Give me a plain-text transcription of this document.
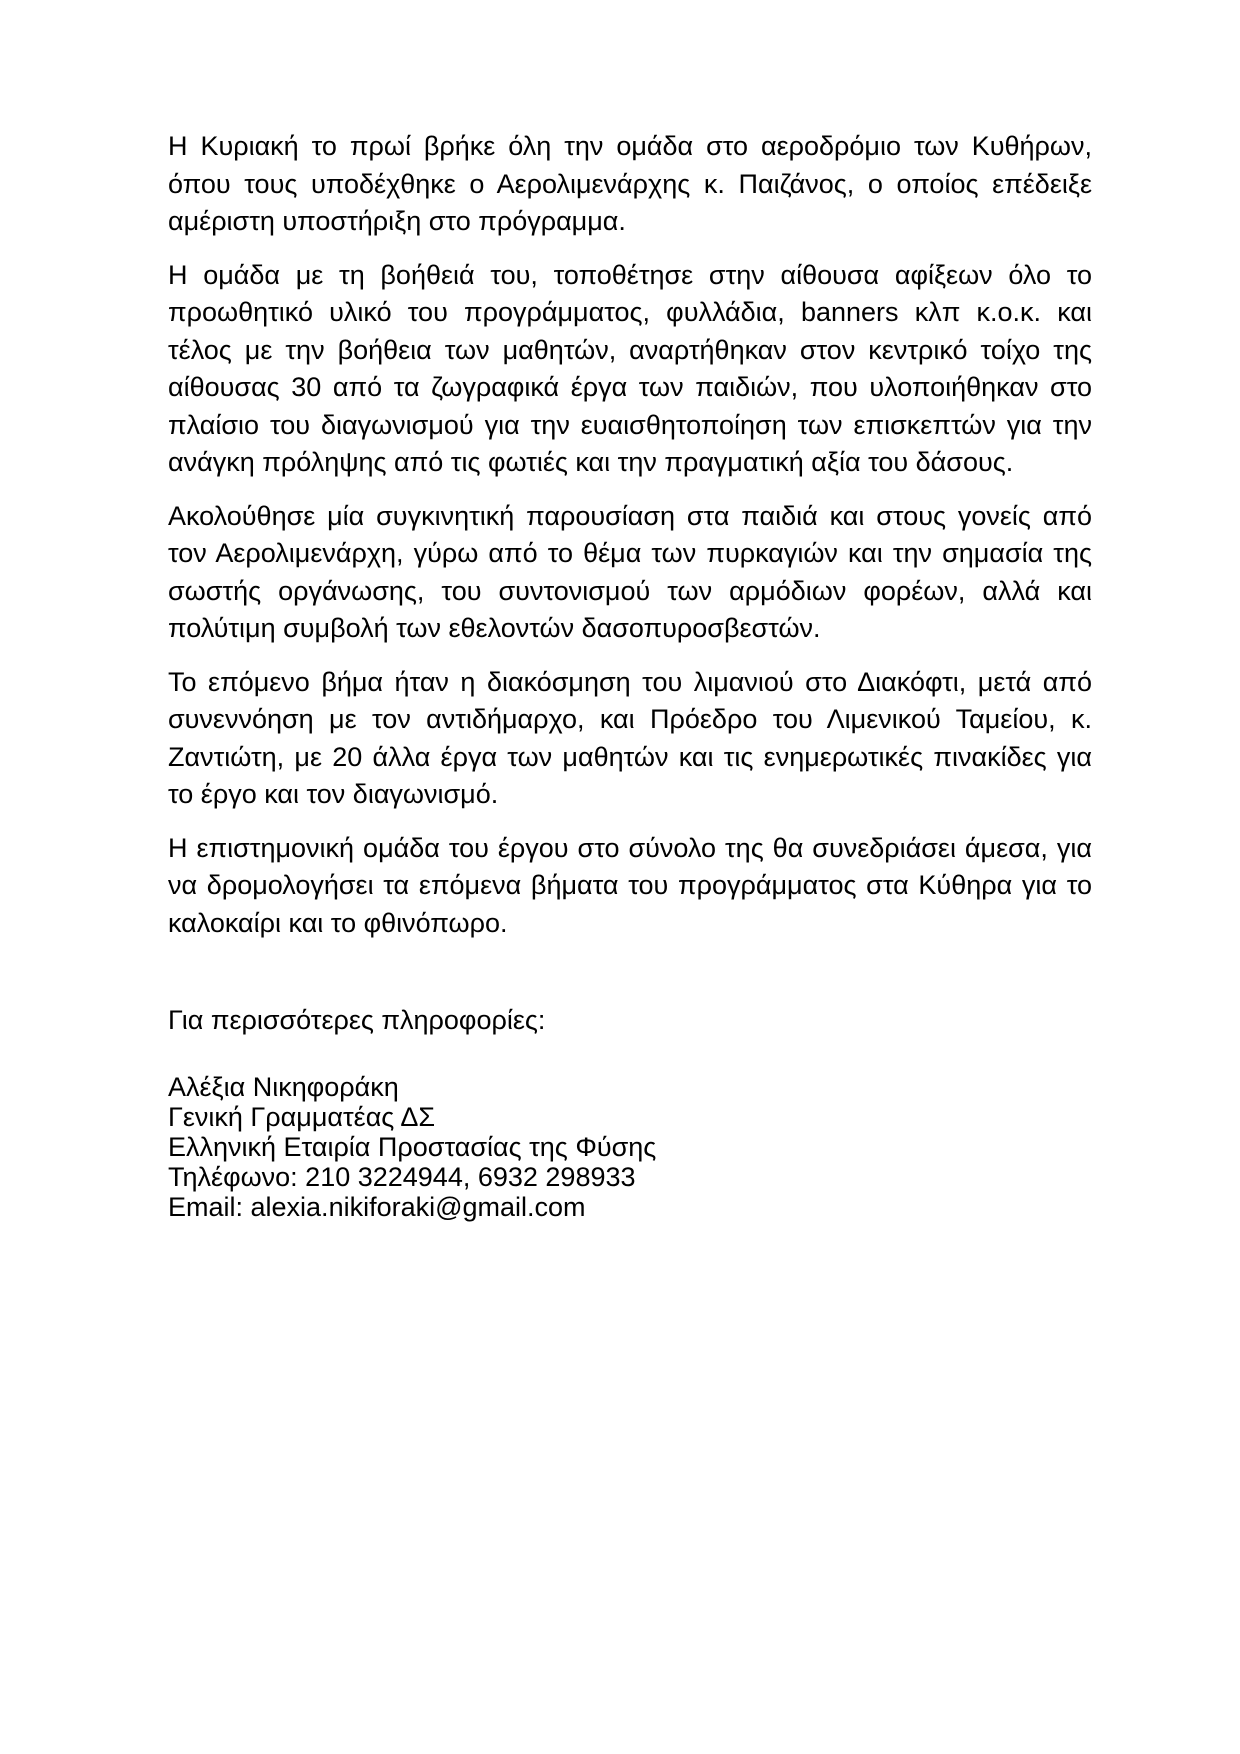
Η Κυριακή το πρωί βρήκε όλη την ομάδα στο αεροδρόμιο των Κυθήρων, όπου τους υποδέχθηκε ο Αερολιμενάρχης κ. Παιζάνος, ο οποίος επέδειξε αμέριστη υποστήριξη στο πρόγραμμα.

Η ομάδα με τη βοήθειά του, τοποθέτησε στην αίθουσα αφίξεων όλο το προωθητικό υλικό του προγράμματος, φυλλάδια, banners κλπ κ.ο.κ. και τέλος με την βοήθεια των μαθητών, αναρτήθηκαν στον κεντρικό τοίχο της αίθουσας 30 από τα ζωγραφικά έργα των παιδιών, που υλοποιήθηκαν στο πλαίσιο του διαγωνισμού για την ευαισθητοποίηση των επισκεπτών για την ανάγκη πρόληψης από τις φωτιές και την πραγματική αξία του δάσους.

Ακολούθησε μία συγκινητική παρουσίαση στα παιδιά και στους γονείς από τον Αερολιμενάρχη, γύρω από το θέμα των πυρκαγιών και την σημασία της σωστής οργάνωσης, του συντονισμού των αρμόδιων φορέων, αλλά και πολύτιμη συμβολή των εθελοντών δασοπυροσβεστών.

Το επόμενο βήμα ήταν η διακόσμηση του λιμανιού στο Διακόφτι, μετά από συνεννόηση με τον αντιδήμαρχο, και Πρόεδρο του Λιμενικού Ταμείου, κ. Ζαντιώτη, με 20 άλλα έργα των μαθητών και τις ενημερωτικές πινακίδες για το έργο και τον διαγωνισμό.

Η επιστημονική ομάδα του έργου στο σύνολο της θα συνεδριάσει άμεσα, για να δρομολογήσει τα επόμενα βήματα του προγράμματος στα Κύθηρα για το καλοκαίρι και το φθινόπωρο.

Για περισσότερες πληροφορίες:

Αλέξια Νικηφοράκη
Γενική Γραμματέας ΔΣ
Ελληνική Εταιρία Προστασίας της Φύσης
Τηλέφωνο: 210 3224944, 6932 298933
Email: alexia.nikiforaki@gmail.com
